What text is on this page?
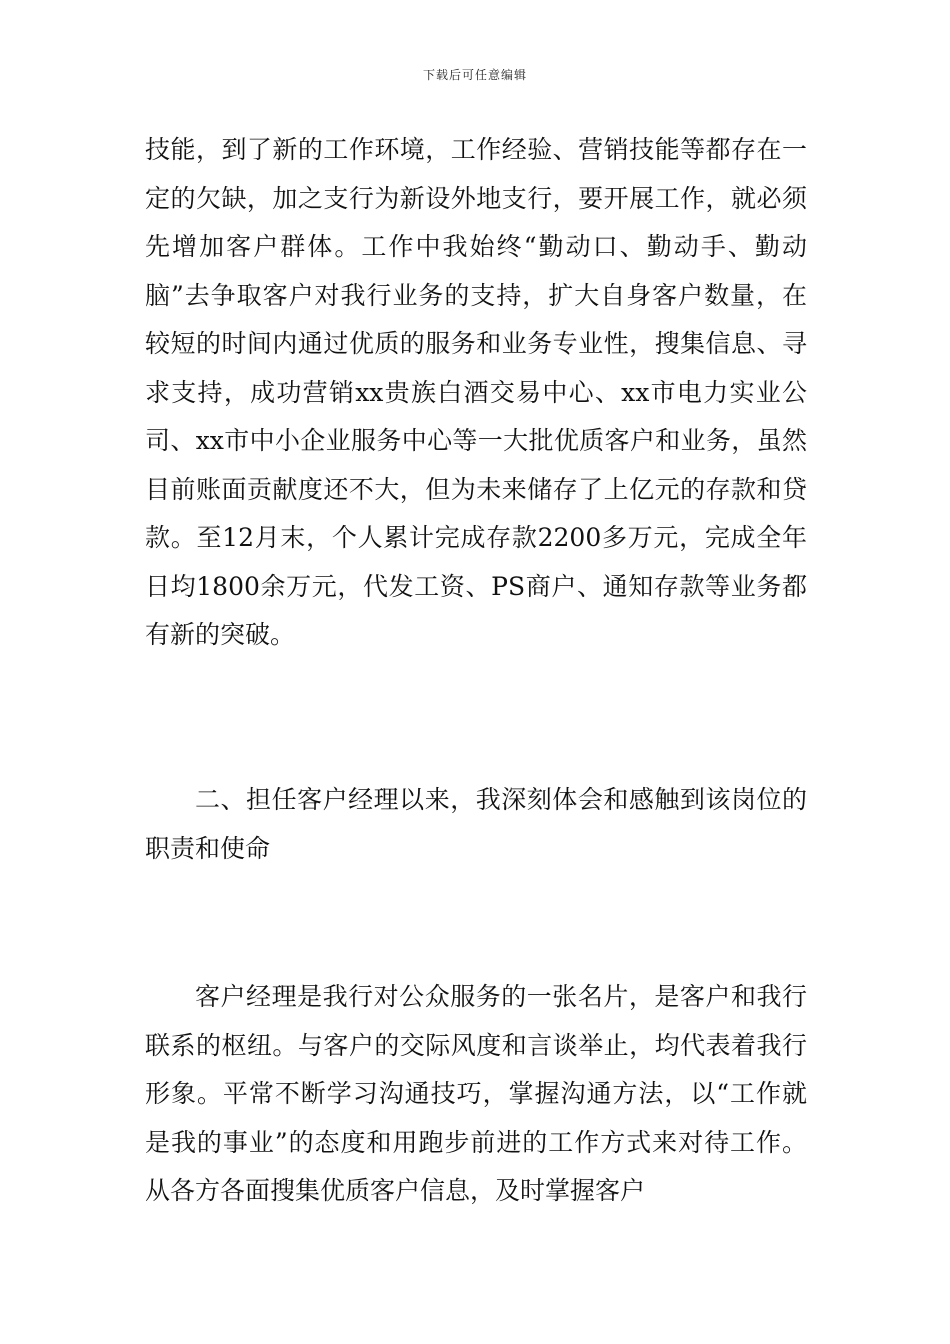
下载后可任意编辑

技能，到了新的工作环境，工作经验、营销技能等都存在一定的欠缺，加之支行为新设外地支行，要开展工作，就必须先增加客户群体。工作中我始终“勤动口、勤动手、勤动脑”去争取客户对我行业务的支持，扩大自身客户数量，在较短的时间内通过优质的服务和业务专业性，搜集信息、寻求支持，成功营销xx贵族白酒交易中心、xx市电力实业公司、xx市中小企业服务中心等一大批优质客户和业务，虽然目前账面贡献度还不大，但为未来储存了上亿元的存款和贷款。至12月末，个人累计完成存款2200多万元，完成全年日均1800余万元，代发工资、PS商户、通知存款等业务都有新的突破。

二、担任客户经理以来，我深刻体会和感触到该岗位的职责和使命

客户经理是我行对公众服务的一张名片，是客户和我行联系的枢纽。与客户的交际风度和言谈举止，均代表着我行形象。平常不断学习沟通技巧，掌握沟通方法，以“工作就是我的事业”的态度和用跑步前进的工作方式来对待工作。从各方各面搜集优质客户信息，及时掌握客户
